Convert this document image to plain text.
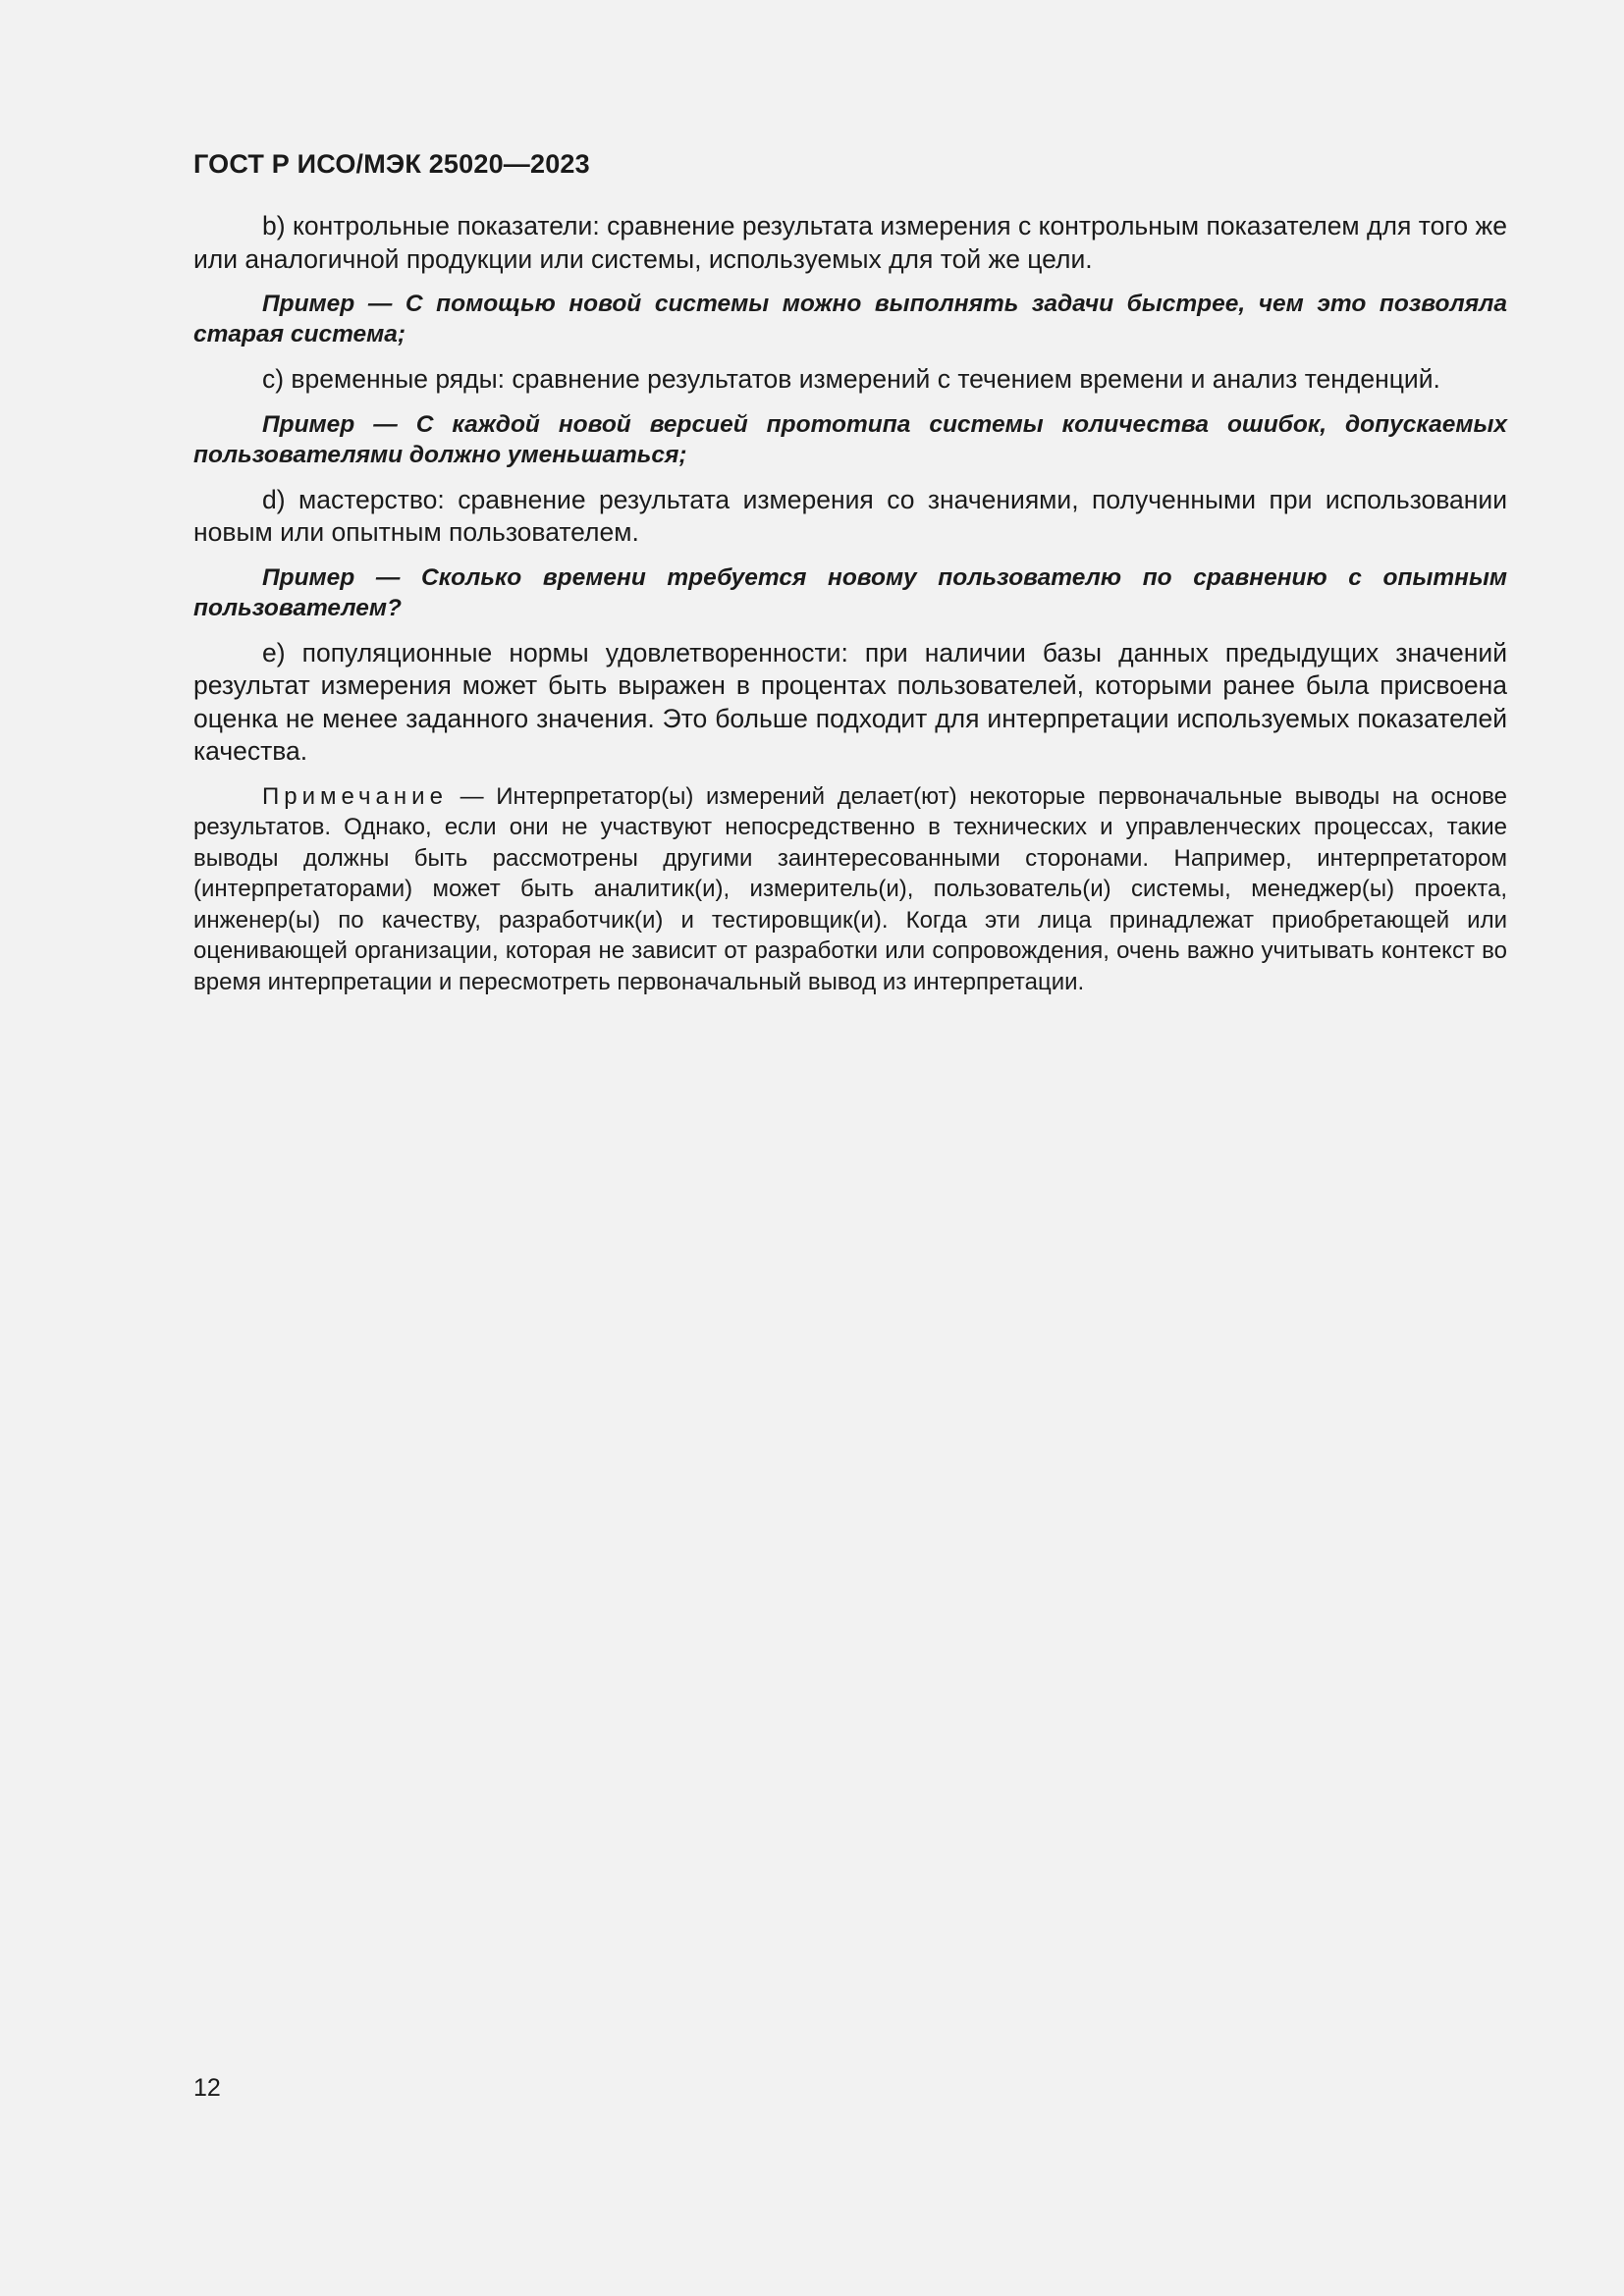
ГОСТ Р ИСО/МЭК 25020—2023

b) контрольные показатели: сравнение результата измерения с контрольным показателем для того же или аналогичной продукции или системы, используемых для той же цели.

Пример — С помощью новой системы можно выполнять задачи быстрее, чем это позволяла старая система;

c) временные ряды: сравнение результатов измерений с течением времени и анализ тенденций.

Пример — С каждой новой версией прототипа системы количества ошибок, допускаемых пользователями должно уменьшаться;

d) мастерство: сравнение результата измерения со значениями, полученными при использовании новым или опытным пользователем.

Пример — Сколько времени требуется новому пользователю по сравнению с опытным пользователем?

e) популяционные нормы удовлетворенности: при наличии базы данных предыдущих значений результат измерения может быть выражен в процентах пользователей, которыми ранее была присвоена оценка не менее заданного значения. Это больше подходит для интерпретации используемых показателей качества.

Примечание — Интерпретатор(ы) измерений делает(ют) некоторые первоначальные выводы на основе результатов. Однако, если они не участвуют непосредственно в технических и управленческих процессах, такие выводы должны быть рассмотрены другими заинтересованными сторонами. Например, интерпретатором (интерпретаторами) может быть аналитик(и), измеритель(и), пользователь(и) системы, менеджер(ы) проекта, инженер(ы) по качеству, разработчик(и) и тестировщик(и). Когда эти лица принадлежат приобретающей или оценивающей организации, которая не зависит от разработки или сопровождения, очень важно учитывать контекст во время интерпретации и пересмотреть первоначальный вывод из интерпретации.

12
